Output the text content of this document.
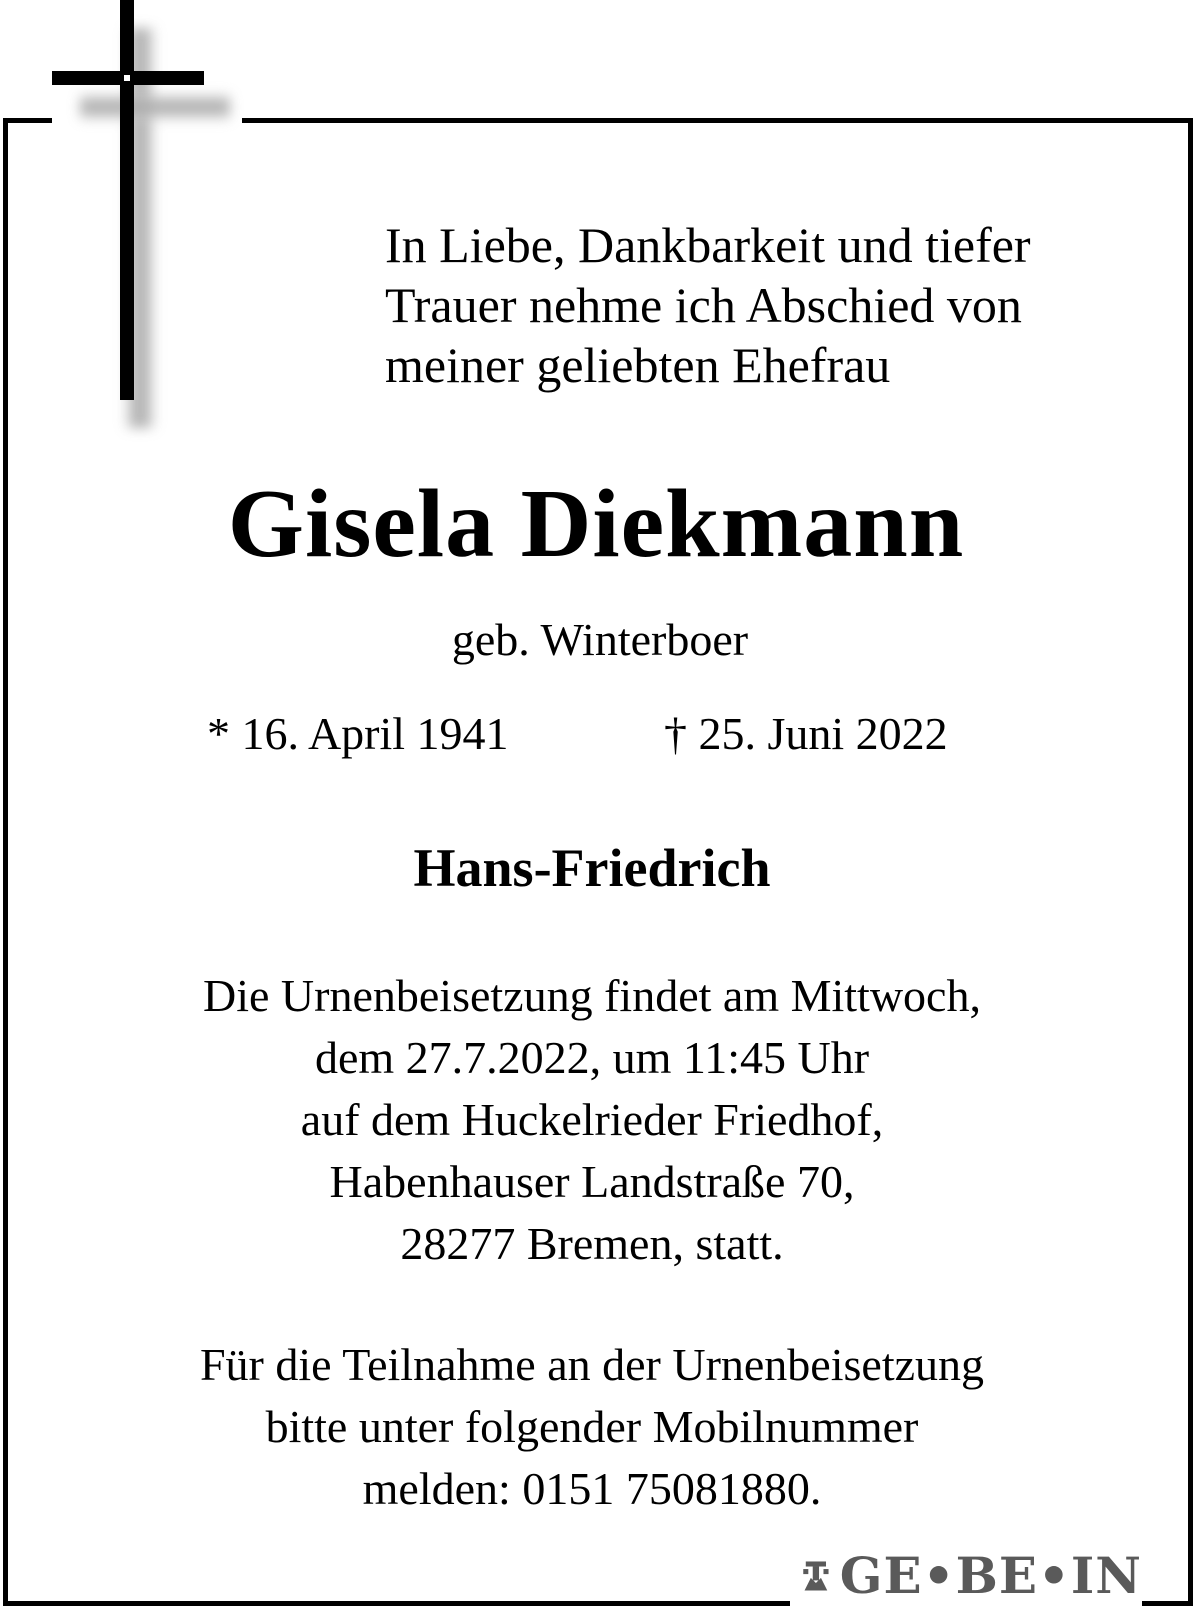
In Liebe, Dankbarkeit und tiefer
Trauer nehme ich Abschied von
meiner geliebten Ehefrau
Gisela Diekmann
geb. Winterboer
* 16. April 1941	† 25. Juni 2022
Hans-Friedrich
Die Urnenbeisetzung findet am Mittwoch,
dem 27.7.2022, um 11:45 Uhr
auf dem Huckelrieder Friedhof,
Habenhauser Landstraße 70,
28277 Bremen, statt.
Für die Teilnahme an der Urnenbeisetzung
bitte unter folgender Mobilnummer
melden: 0151 75081880.
GE•BE•IN
